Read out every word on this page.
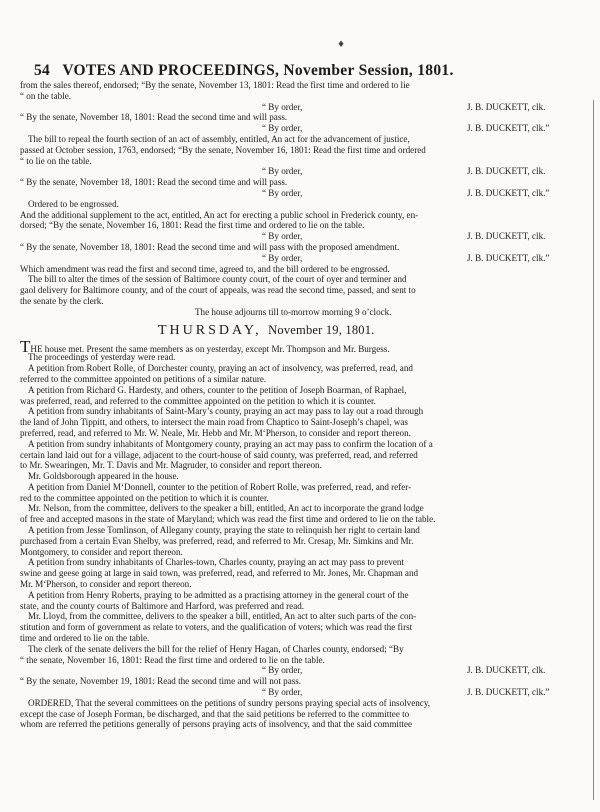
♦
54 VOTES AND PROCEEDINGS, November Session, 1801.
from the sales thereof, endorsed; “By the senate, November 13, 1801: Read the first time and ordered to lie
“ on the table.
“ By order,	J. B. DUCKETT, clk.
“ By the senate, November 18, 1801: Read the second time and will pass.
“ By order,	J. B. DUCKETT, clk.”
The bill to repeal the fourth section of an act of assembly, entitled, An act for the advancement of justice,
passed at October session, 1763, endorsed; “By the senate, November 16, 1801: Read the first time and ordered
“ to lie on the table.
“ By order,	J. B. DUCKETT, clk.
“ By the senate, November 18, 1801: Read the second time and will pass.
“ By order,	J. B. DUCKETT, clk.”
Ordered to be engrossed.
And the additional supplement to the act, entitled, An act for erecting a public school in Frederick county, en-
dorsed; “By the senate, November 16, 1801: Read the first time and ordered to lie on the table.
“ By order,	J. B. DUCKETT, clk.
“ By the senate, November 18, 1801: Read the second time and will pass with the proposed amendment.
“ By order,	J. B. DUCKETT, clk.”
Which amendment was read the first and second time, agreed to, and the bill ordered to be engrossed.
The bill to alter the times of the session of Baltimore county court, of the court of oyer and terminer and
gaol delivery for Baltimore county, and of the court of appeals, was read the second time, passed, and sent to
the senate by the clerk.
The house adjourns till to-morrow morning 9 o’clock.
THURSDAY, November 19, 1801.
THE house met. Present the same members as on yesterday, except Mr. Thompson and Mr. Burgess.
The proceedings of yesterday were read.
A petition from Robert Rolle, of Dorchester county, praying an act of insolvency, was preferred, read, and
referred to the committee appointed on petitions of a similar nature.
A petition from Richard G. Hardesty, and others, counter to the petition of Joseph Boarman, of Raphael,
was preferred, read, and referred to the committee appointed on the petition to which it is counter.
A petition from sundry inhabitants of Saint-Mary’s county, praying an act may pass to lay out a road through
the land of John Tippitt, and others, to intersect the main road from Chaptico to Saint-Joseph’s chapel, was
preferred, read, and referred to Mr. W. Neale, Mr. Hebb and Mr. M‘Pherson, to consider and report thereon.
A petition from sundry inhabitants of Montgomery county, praying an act may pass to confirm the location of a
certain land laid out for a village, adjacent to the court-house of said county, was preferred, read, and referred
to Mr. Swearingen, Mr. T. Davis and Mr. Magruder, to consider and report thereon.
Mr. Goldsborough appeared in the house.
A petition from Daniel M‘Donnell, counter to the petition of Robert Rolle, was preferred, read, and refer-
red to the committee appointed on the petition to which it is counter.
Mr. Nelson, from the committee, delivers to the speaker a bill, entitled, An act to incorporate the grand lodge
of free and accepted masons in the state of Maryland; which was read the first time and ordered to lie on the table.
A petition from Jesse Tomlinson, of Allegany county, praying the state to relinquish her right to certain land
purchased from a certain Evan Shelby, was preferred, read, and referred to Mr. Cresap, Mr. Simkins and Mr.
Montgomery, to consider and report thereon.
A petition from sundry inhabitants of Charles-town, Charles county, praying an act may pass to prevent
swine and geese going at large in said town, was preferred, read, and referred to Mr. Jones, Mr. Chapman and
Mr. M‘Pherson, to consider and report thereon.
A petition from Henry Roberts, praying to be admitted as a practising attorney in the general court of the
state, and the county courts of Baltimore and Harford, was preferred and read.
Mr. Lloyd, from the committee, delivers to the speaker a bill, entitled, An act to alter such parts of the con-
stitution and form of government as relate to voters, and the qualification of voters; which was read the first
time and ordered to lie on the table.
The clerk of the senate delivers the bill for the relief of Henry Hagan, of Charles county, endorsed; “By
“ the senate, November 16, 1801: Read the first time and ordered to lie on the table.
“ By order,	J. B. DUCKETT, clk.
“ By the senate, November 19, 1801: Read the second time and will not pass.
“ By order,	J. B. DUCKETT, clk.”
ORDERED, That the several committees on the petitions of sundry persons praying special acts of insolvency,
except the case of Joseph Forman, be discharged, and that the said petitions be referred to the committee to
whom are referred the petitions generally of persons praying acts of insolvency, and that the said committee
